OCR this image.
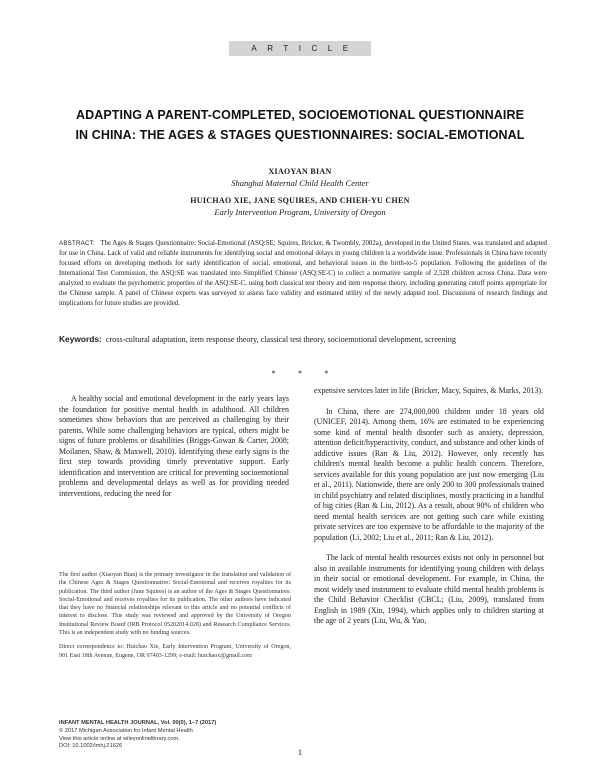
ARTICLE
ADAPTING A PARENT-COMPLETED, SOCIOEMOTIONAL QUESTIONNAIRE
IN CHINA: THE AGES & STAGES QUESTIONNAIRES: SOCIAL-EMOTIONAL
XIAOYAN BIAN
Shanghai Maternal Child Health Center
HUICHAO XIE, JANE SQUIRES, AND CHIEH-YU CHEN
Early Intervention Program, University of Oregon
ABSTRACT: The Ages & Stages Questionnaire: Social-Emotional (ASQ:SE; Squires, Bricker, & Twombly, 2002a), developed in the United States, was translated and adapted for use in China. Lack of valid and reliable instruments for identifying social and emotional delays in young children is a worldwide issue. Professionals in China have recently focused efforts on developing methods for early identification of social, emotional, and behavioral issues in the birth-to-5 population. Following the guidelines of the International Test Commission, the ASQ:SE was translated into Simplified Chinese (ASQ:SE-C) to collect a normative sample of 2,528 children across China. Data were analyzed to evaluate the psychometric properties of the ASQ:SE-C, using both classical test theory and item response theory, including generating cutoff points appropriate for the Chinese sample. A panel of Chinese experts was surveyed to assess face validity and estimated utility of the newly adapted tool. Discussions of research findings and implications for future studies are provided.
Keywords: cross-cultural adaptation, item response theory, classical test theory, socioemotional development, screening
* * *

A healthy social and emotional development in the early years lays the foundation for positive mental health in adulthood. All children sometimes show behaviors that are perceived as challenging by their parents. While some challenging behaviors are typical, others might be signs of future problems or disabilities (Briggs-Gowan & Carter, 2008; Moilanen, Shaw, & Maxwell, 2010). Identifying these early signs is the first step towards providing timely preventative support. Early identification and intervention are critical for preventing socioemotional problems and developmental delays as well as for providing needed interventions, reducing the need for

expensive services later in life (Bricker, Macy, Squires, & Marks, 2013).

In China, there are 274,000,000 children under 18 years old (UNICEF, 2014). Among them, 16% are estimated to be experiencing some kind of mental health disorder such as anxiety, depression, attention deficit/hyperactivity, conduct, and substance and other kinds of addictive issues (Ran & Liu, 2012). However, only recently has children's mental health become a public health concern. Therefore, services available for this young population are just now emerging (Liu et al., 2011). Nationwide, there are only 200 to 300 professionals trained in child psychiatry and related disciplines, mostly practicing in a handful of big cities (Ran & Liu, 2012). As a result, about 90% of children who need mental health services are not getting such care while existing private services are too expensive to be affordable to the majority of the population (Li, 2002; Liu et al., 2011; Ran & Liu, 2012).

The lack of mental health resources exists not only in personnel but also in available instruments for identifying young children with delays in their social or emotional development. For example, in China, the most widely used instrument to evaluate child mental health problems is the Child Behavior Checklist (CBCL; (Liu, 2009), translated from English in 1989 (Xin, 1994), which applies only to children starting at the age of 2 years (Liu, Wu, & Yao,

The first author (Xiaoyan Bian) is the primary investigator in the translation and validation of the Chinese Ages & Stages Questionnaires: Social-Emotional and receives royalties for its publication. The third author (Jane Squires) is an author of the Ages & Stages Questionnaires: Social-Emotional and receives royalties for its publication. The other authors have indicated that they have no financial relationships relevant to this article and no potential conflicts of interest to disclose. This study was reviewed and approved by the University of Oregon Institutional Review Board (IRB Protocol 05202014.028) and Research Compliance Services. This is an independent study with no funding sources.

Direct correspondence to: Huichao Xie, Early Intervention Program, University of Oregon, 901 East 18th Avenue, Eugene, OR 97403-1299; e-mail: huichaox@gmail.com

INFANT MENTAL HEALTH JOURNAL, Vol. 00(0), 1–7 (2017)
© 2017 Michigan Association for Infant Mental Health
View this article online at wileyonlinelibrary.com.
DOI: 10.1002/imhj.21626
1
